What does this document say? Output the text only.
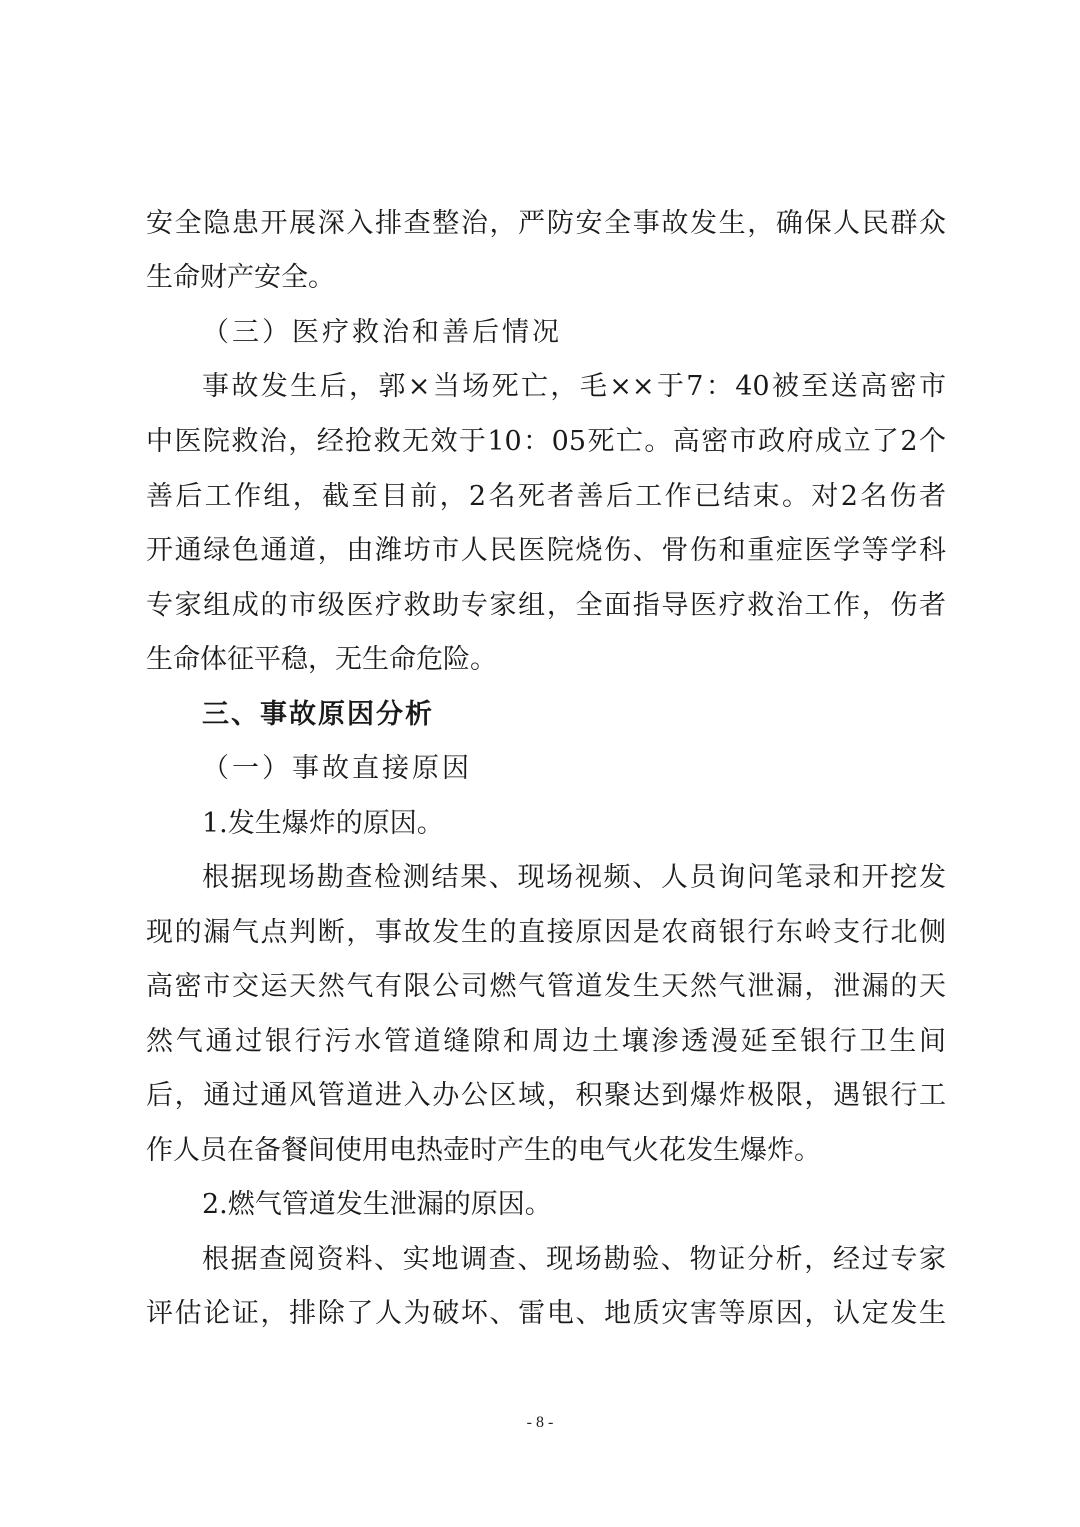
安全隐患开展深入排查整治，严防安全事故发生，确保人民群众
生命财产安全。
（三）医疗救治和善后情况
事故发生后，郭×当场死亡，毛××于7：40被至送高密市
中医院救治，经抢救无效于10：05死亡。高密市政府成立了2个
善后工作组，截至目前，2名死者善后工作已结束。对2名伤者
开通绿色通道，由潍坊市人民医院烧伤、骨伤和重症医学等学科
专家组成的市级医疗救助专家组，全面指导医疗救治工作，伤者
生命体征平稳，无生命危险。
三、事故原因分析
（一）事故直接原因
1.发生爆炸的原因。
根据现场勘查检测结果、现场视频、人员询问笔录和开挖发
现的漏气点判断，事故发生的直接原因是农商银行东岭支行北侧
高密市交运天然气有限公司燃气管道发生天然气泄漏，泄漏的天
然气通过银行污水管道缝隙和周边土壤渗透漫延至银行卫生间
后，通过通风管道进入办公区域，积聚达到爆炸极限，遇银行工
作人员在备餐间使用电热壶时产生的电气火花发生爆炸。
2.燃气管道发生泄漏的原因。
根据查阅资料、实地调查、现场勘验、物证分析，经过专家
评估论证，排除了人为破坏、雷电、地质灾害等原因，认定发生
- 8 -
